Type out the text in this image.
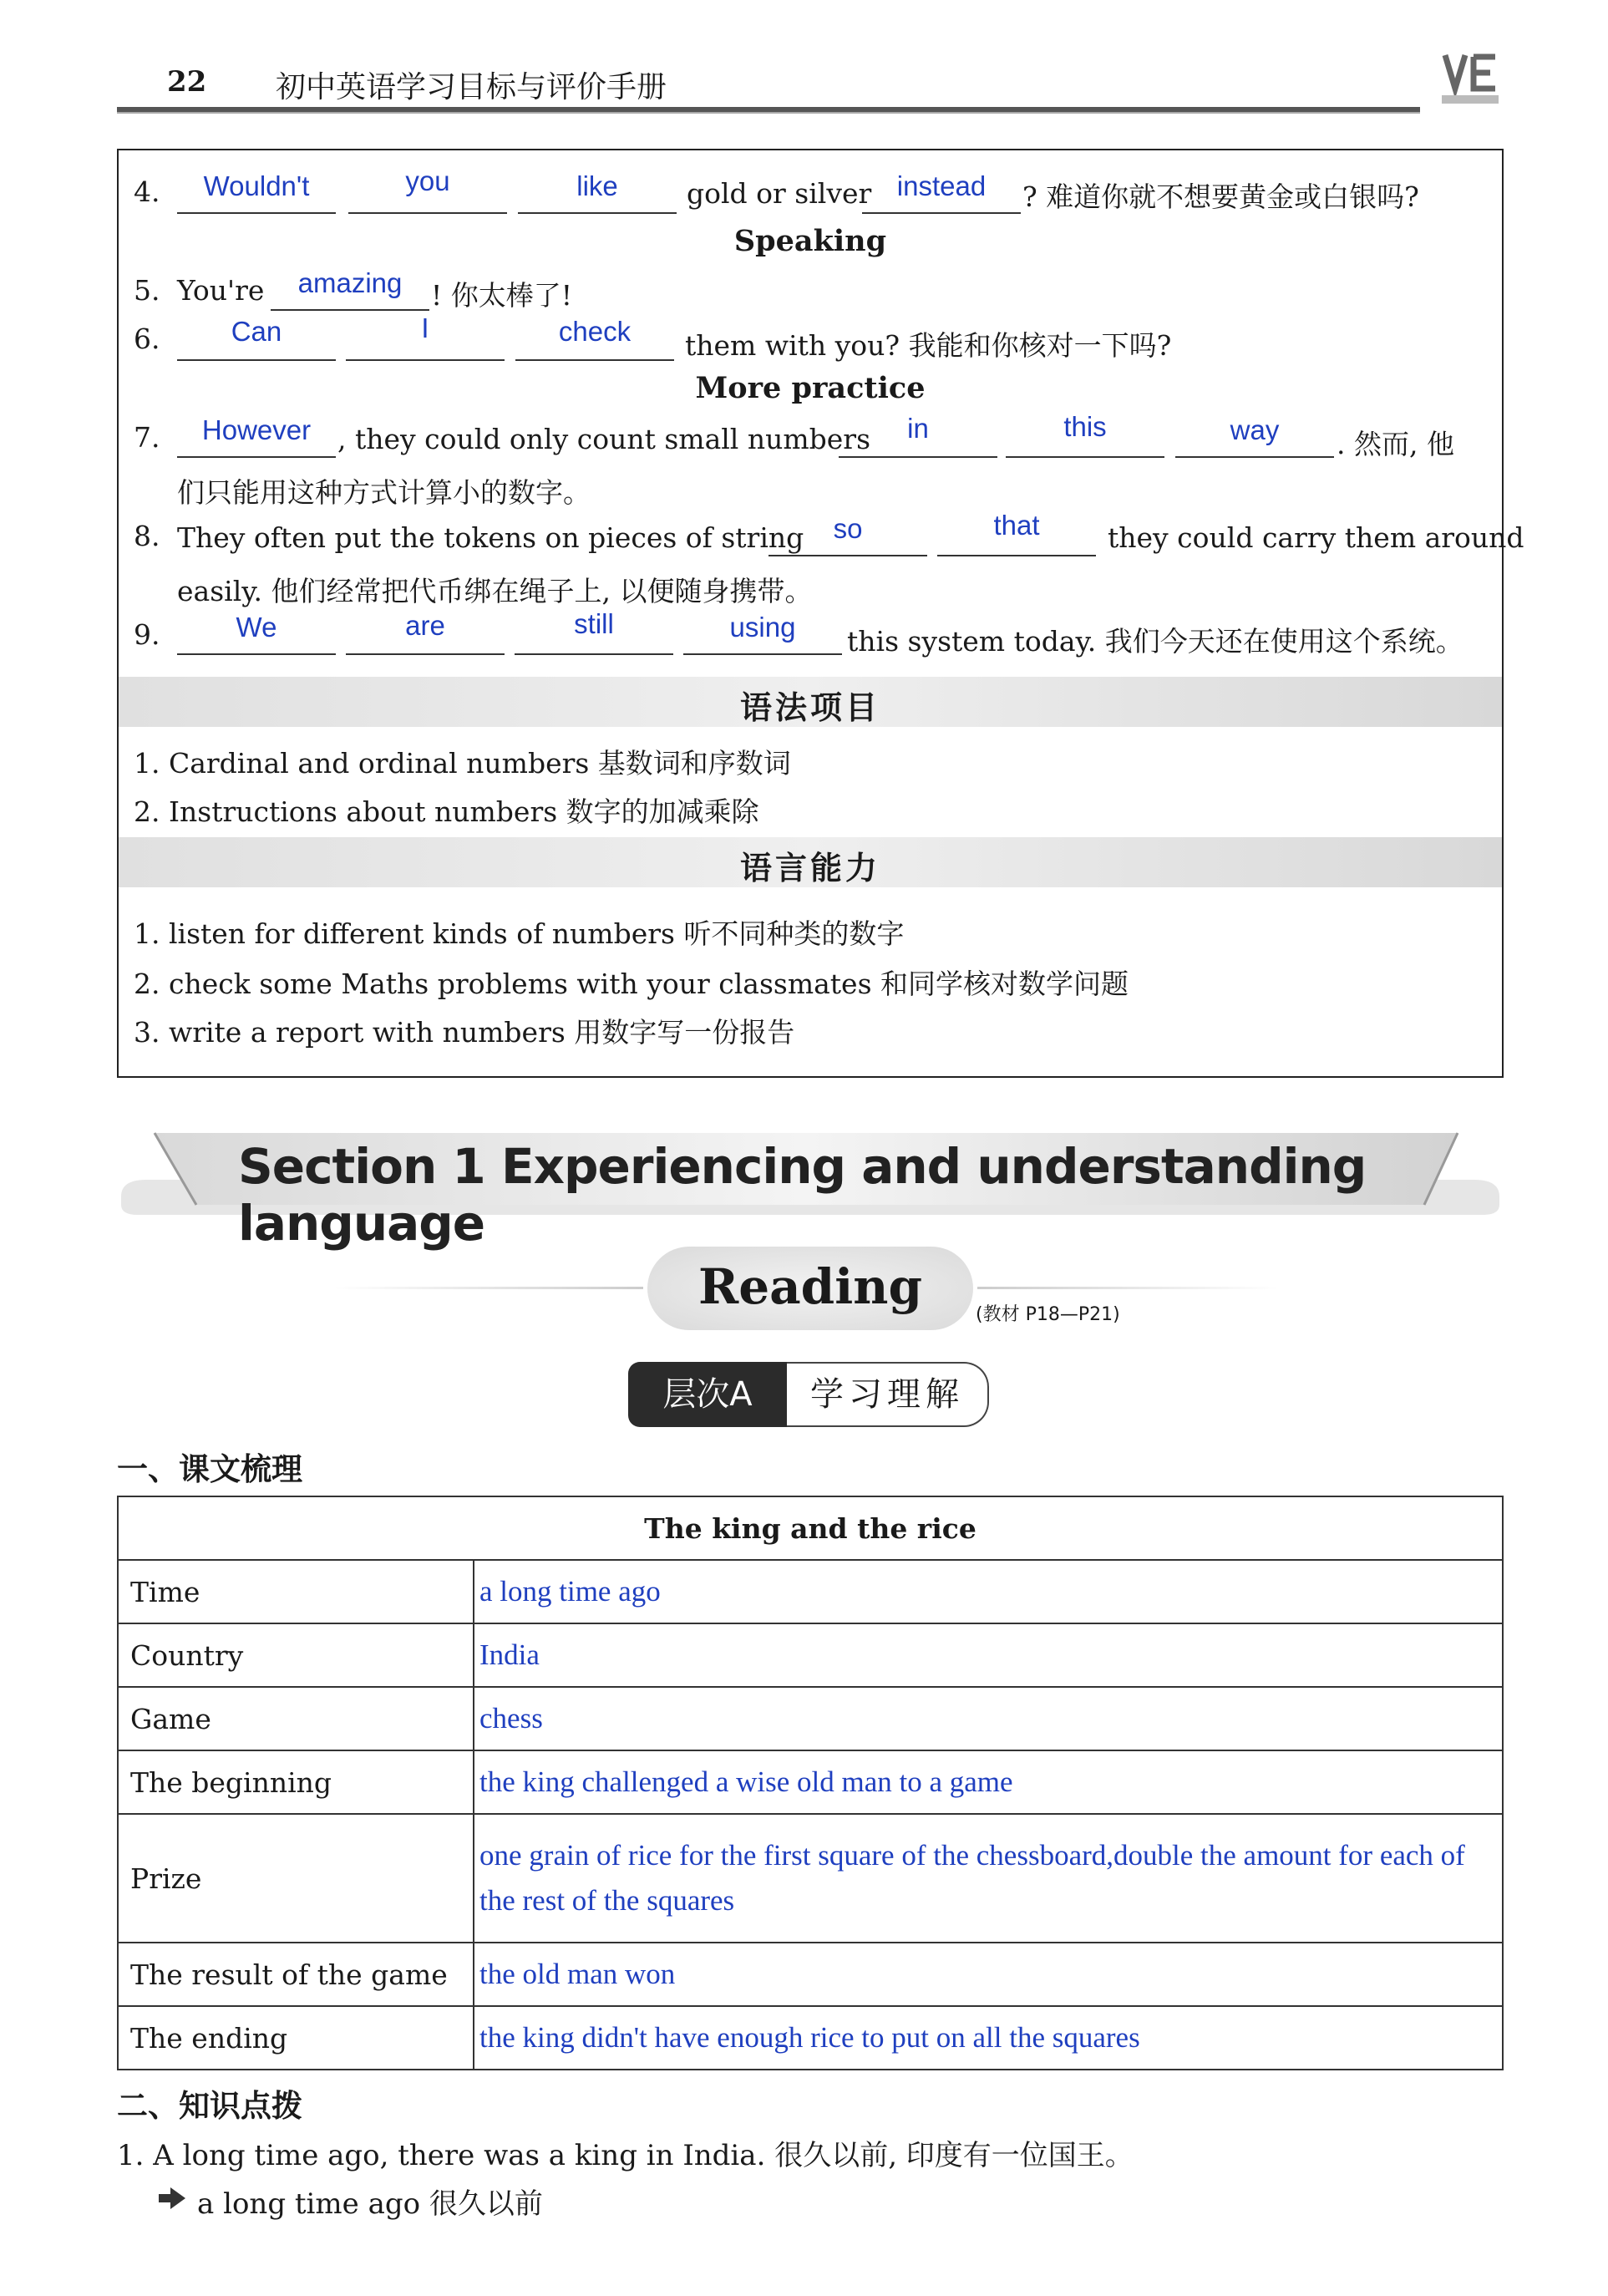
22 初中英语学习目标与评价手册
4.	Wouldn't	you	like	gold or silver instead	? 难道你就不想要黄金或白银吗?
Speaking
5. You're	amazing	! 你太棒了!
6.	Can	I	check	them with you? 我能和你核对一下吗?
More practice
7.	However , they could only count small numbers	in	this	way	. 然而, 他
们只能用这种方式计算小的数字。
8. They often put the tokens on pieces of string	so	that	they could carry them around
easily. 他们经常把代币绑在绳子上, 以便随身携带。
9.	We	are	still	using	this system today. 我们今天还在使用这个系统。
语法项目
1. Cardinal and ordinal numbers 基数词和序数词
2. Instructions about numbers 数字的加减乘除
语言能力
1. listen for different kinds of numbers 听不同种类的数字
2. check some Maths problems with your classmates 和同学核对数学问题
3. write a report with numbers 用数字写一份报告
Section 1 Experiencing and understanding language
Reading	(教材 P18—P21)
层次A	学习理解
一、课文梳理
The king and the rice	
Time	a long time ago
Country	India
Game	chess
The beginning	the king challenged a wise old man to a game
Prize	one grain of rice for the first square of the chessboard,double the amount for each of the rest of the squares
The result of the game	the old man won
The ending	the king didn't have enough rice to put on all the squares
二、知识点拨
1. A long time ago, there was a king in India. 很久以前, 印度有一位国王。
a long time ago 很久以前
